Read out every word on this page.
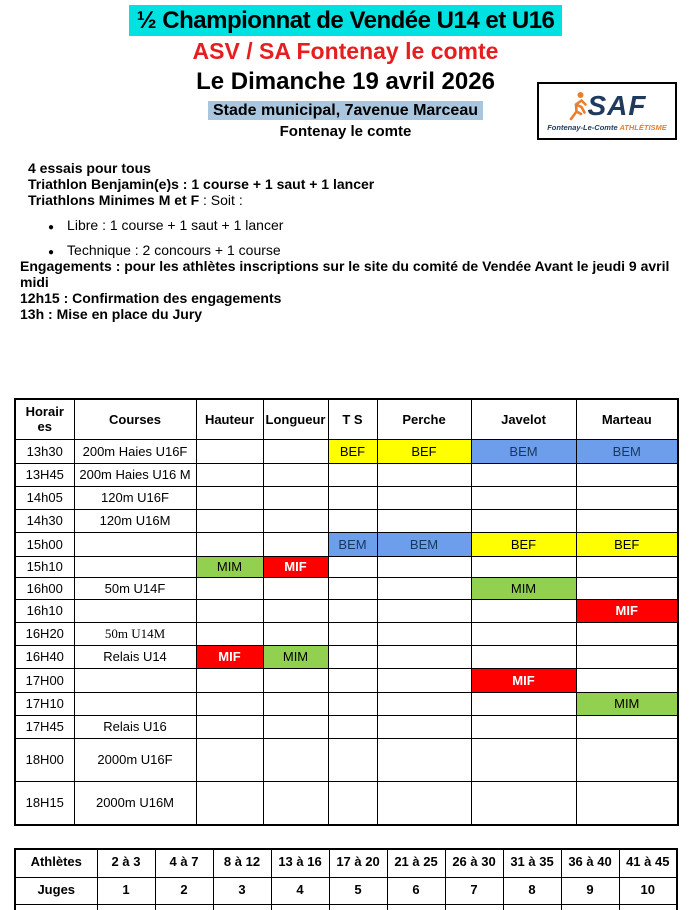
½ Championnat de Vendée U14 et U16
ASV / SA Fontenay le comte
Le Dimanche 19 avril 2026
Stade municipal, 7avenue Marceau
Fontenay le comte
SAF
Fontenay-Le-Comte ATHLÉTISME

4 essais pour tous

Triathlon Benjamin(e)s : 1 course + 1 saut + 1 lancer

Triathlons Minimes M et F : Soit :

● Libre : 1 course + 1 saut + 1 lancer
● Technique : 2 concours + 1 course

Engagements : pour les athlètes inscriptions sur le site du comité de Vendée Avant le jeudi 9 avril midi

12h15 : Confirmation des engagements

13h : Mise en place du Jury

Horaires	Courses	Hauteur	Longueur	T S	Perche	Javelot	Marteau
13h30	200m Haies U16F			BEF	BEF	BEM	BEM
13H45	200m Haies U16 M						
14h05	120m U16F						
14h30	120m U16M						
15h00				BEM	BEM	BEF	BEF
15h10		MIM	MIF				
16h00	50m U14F					MIM	
16h10							MIF
16H20	50m U14M						
16H40	Relais U14	MIF	MIM				
17H00						MIF	
17H10							MIM
17H45	Relais U16						
18H00	2000m U16F						
18H15	2000m U16M						
Athlètes	2 à 3	4 à 7	8 à 12	13 à 16	17 à 20	21 à 25	26 à 30	31 à 35	36 à 40	41 à 45
Juges	1	2	3	4	5	6	7	8	9	10
